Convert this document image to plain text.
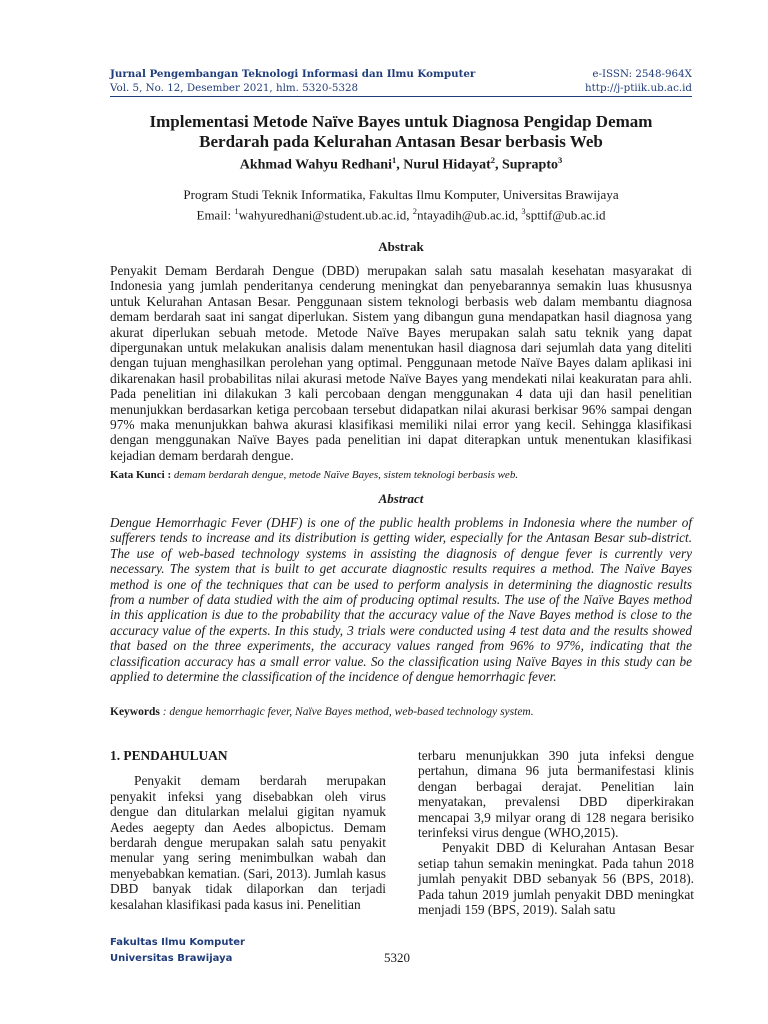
Jurnal Pengembangan Teknologi Informasi dan Ilmu Komputer
Vol. 5, No. 12, Desember 2021, hlm. 5320-5328
e-ISSN: 2548-964X
http://j-ptiik.ub.ac.id
Implementasi Metode Naïve Bayes untuk Diagnosa Pengidap Demam
Berdarah pada Kelurahan Antasan Besar berbasis Web
Akhmad Wahyu Redhani$^1$, Nurul Hidayat$^2$, Suprapto$^3$
Program Studi Teknik Informatika, Fakultas Ilmu Komputer, Universitas Brawijaya
Email: $^1$wahyuredhani@student.ub.ac.id, $^2$ntayadih@ub.ac.id, $^3$spttif@ub.ac.id
Abstrak
Penyakit Demam Berdarah Dengue (DBD) merupakan salah satu masalah kesehatan masyarakat di Indonesia yang jumlah penderitanya cenderung meningkat dan penyebarannya semakin luas khususnya untuk Kelurahan Antasan Besar. Penggunaan sistem teknologi berbasis web dalam membantu diagnosa demam berdarah saat ini sangat diperlukan. Sistem yang dibangun guna mendapatkan hasil diagnosa yang akurat diperlukan sebuah metode. Metode Naïve Bayes merupakan salah satu teknik yang dapat dipergunakan untuk melakukan analisis dalam menentukan hasil diagnosa dari sejumlah data yang diteliti dengan tujuan menghasilkan perolehan yang optimal. Penggunaan metode Naïve Bayes dalam aplikasi ini dikarenakan hasil probabilitas nilai akurasi metode Naïve Bayes yang mendekati nilai keakuratan para ahli. Pada penelitian ini dilakukan 3 kali percobaan dengan menggunakan 4 data uji dan hasil penelitian menunjukkan berdasarkan ketiga percobaan tersebut didapatkan nilai akurasi berkisar 96% sampai dengan 97% maka menunjukkan bahwa akurasi klasifikasi memiliki nilai error yang kecil. Sehingga klasifikasi dengan menggunakan Naïve Bayes pada penelitian ini dapat diterapkan untuk menentukan klasifikasi kejadian demam berdarah dengue.
Kata Kunci : demam berdarah dengue, metode Naïve Bayes, sistem teknologi berbasis web.
Abstract
Dengue Hemorrhagic Fever (DHF) is one of the public health problems in Indonesia where the number of sufferers tends to increase and its distribution is getting wider, especially for the Antasan Besar sub-district. The use of web-based technology systems in assisting the diagnosis of dengue fever is currently very necessary. The system that is built to get accurate diagnostic results requires a method. The Naïve Bayes method is one of the techniques that can be used to perform analysis in determining the diagnostic results from a number of data studied with the aim of producing optimal results. The use of the Naïve Bayes method in this application is due to the probability that the accuracy value of the Nave Bayes method is close to the accuracy value of the experts. In this study, 3 trials were conducted using 4 test data and the results showed that based on the three experiments, the accuracy values ranged from 96% to 97%, indicating that the classification accuracy has a small error value. So the classification using Naïve Bayes in this study can be applied to determine the classification of the incidence of dengue hemorrhagic fever.
Keywords : dengue hemorrhagic fever, Naïve Bayes method, web-based technology system.
1. PENDAHULUAN

Penyakit demam berdarah merupakan penyakit infeksi yang disebabkan oleh virus dengue dan ditularkan melalui gigitan nyamuk Aedes aegepty dan Aedes albopictus. Demam berdarah dengue merupakan salah satu penyakit menular yang sering menimbulkan wabah dan menyebabkan kematian. (Sari, 2013). Jumlah kasus DBD banyak tidak dilaporkan dan terjadi kesalahan klasifikasi pada kasus ini. Penelitian

terbaru menunjukkan 390 juta infeksi dengue pertahun, dimana 96 juta bermanifestasi klinis dengan berbagai derajat. Penelitian lain menyatakan, prevalensi DBD diperkirakan mencapai 3,9 milyar orang di 128 negara berisiko terinfeksi virus dengue (WHO,2015).

Penyakit DBD di Kelurahan Antasan Besar setiap tahun semakin meningkat. Pada tahun 2018 jumlah penyakit DBD sebanyak 56 (BPS, 2018). Pada tahun 2019 jumlah penyakit DBD meningkat menjadi 159 (BPS, 2019). Salah satu

Fakultas Ilmu Komputer
Universitas Brawijaya	5320
